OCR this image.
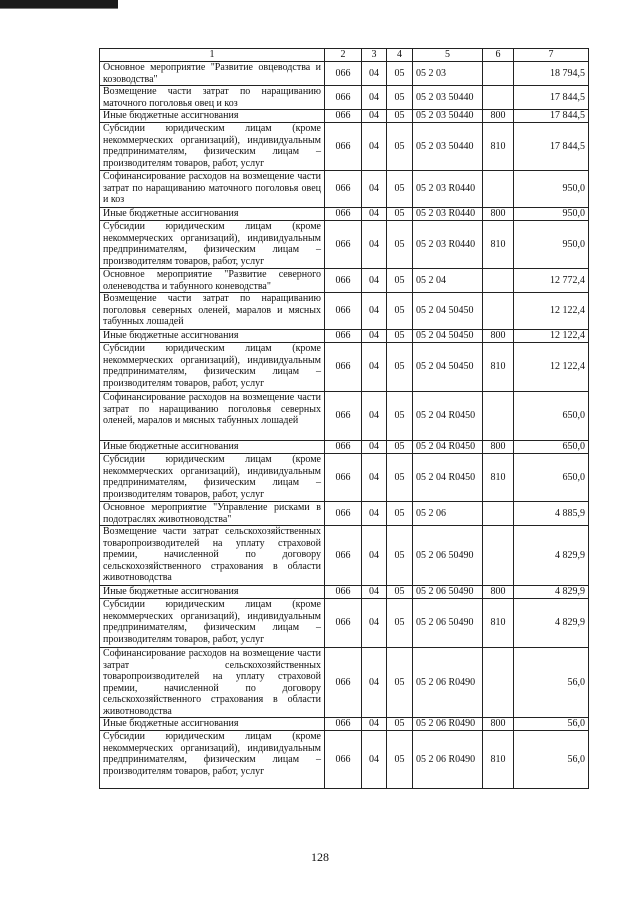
1	2	3	4	5	6	7
Основное мероприятие "Развитие овцеводства и козоводства"	066	04	05	05 2 03		18 794,5
Возмещение части затрат по наращиванию маточного поголовья овец и коз	066	04	05	05 2 03 50440		17 844,5
Иные бюджетные ассигнования	066	04	05	05 2 03 50440	800	17 844,5
Субсидии юридическим лицам (кроме некоммерческих организаций), индивидуальным предпринимателям, физическим лицам – производителям товаров, работ, услуг	066	04	05	05 2 03 50440	810	17 844,5
Софинансирование расходов на возмещение части затрат по наращиванию маточного поголовья овец и коз	066	04	05	05 2 03 R0440		950,0
Иные бюджетные ассигнования	066	04	05	05 2 03 R0440	800	950,0
Субсидии юридическим лицам (кроме некоммерческих организаций), индивидуальным предпринимателям, физическим лицам – производителям товаров, работ, услуг	066	04	05	05 2 03 R0440	810	950,0
Основное мероприятие "Развитие северного оленеводства и табунного коневодства"	066	04	05	05 2 04		12 772,4
Возмещение части затрат по наращиванию поголовья северных оленей, маралов и мясных табунных лошадей	066	04	05	05 2 04 50450		12 122,4
Иные бюджетные ассигнования	066	04	05	05 2 04 50450	800	12 122,4
Субсидии юридическим лицам (кроме некоммерческих организаций), индивидуальным предпринимателям, физическим лицам – производителям товаров, работ, услуг	066	04	05	05 2 04 50450	810	12 122,4
Софинансирование расходов на возмещение части затрат по наращиванию поголовья северных оленей, маралов и мясных табунных лошадей	066	04	05	05 2 04 R0450		650,0
Иные бюджетные ассигнования	066	04	05	05 2 04 R0450	800	650,0
Субсидии юридическим лицам (кроме некоммерческих организаций), индивидуальным предпринимателям, физическим лицам – производителям товаров, работ, услуг	066	04	05	05 2 04 R0450	810	650,0
Основное мероприятие "Управление рисками в подотраслях животноводства"	066	04	05	05 2 06		4 885,9
Возмещение части затрат сельскохозяйственных товаропроизводителей на уплату страховой премии, начисленной по договору сельскохозяйственного страхования в области животноводства	066	04	05	05 2 06 50490		4 829,9
Иные бюджетные ассигнования	066	04	05	05 2 06 50490	800	4 829,9
Субсидии юридическим лицам (кроме некоммерческих организаций), индивидуальным предпринимателям, физическим лицам – производителям товаров, работ, услуг	066	04	05	05 2 06 50490	810	4 829,9
Софинансирование расходов на возмещение части затрат сельскохозяйственных товаропроизводителей на уплату страховой премии, начисленной по договору сельскохозяйственного страхования в области животноводства	066	04	05	05 2 06 R0490		56,0
Иные бюджетные ассигнования	066	04	05	05 2 06 R0490	800	56,0
Субсидии юридическим лицам (кроме некоммерческих организаций), индивидуальным предпринимателям, физическим лицам – производителям товаров, работ, услуг	066	04	05	05 2 06 R0490	810	56,0
128
